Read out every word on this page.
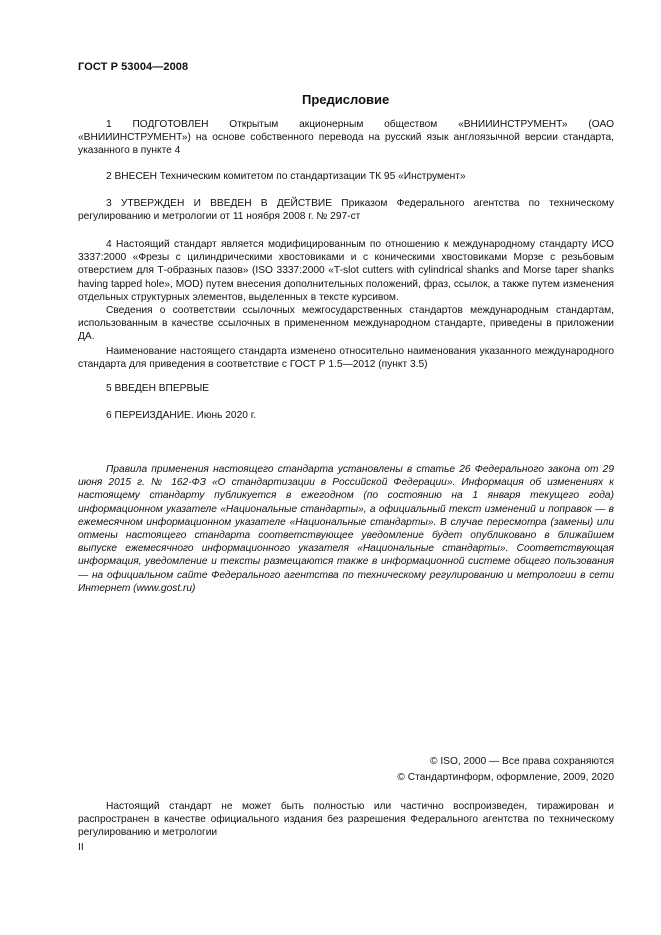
ГОСТ Р 53004—2008
Предисловие

1 ПОДГОТОВЛЕН Открытым акционерным обществом «ВНИИИНСТРУМЕНТ» (ОАО «ВНИИИНСТРУМЕНТ») на основе собственного перевода на русский язык англоязычной версии стандарта, указанного в пункте 4

2 ВНЕСЕН Техническим комитетом по стандартизации ТК 95 «Инструмент»

3 УТВЕРЖДЕН И ВВЕДЕН В ДЕЙСТВИЕ Приказом Федерального агентства по техническому регулированию и метрологии от 11 ноября 2008 г. № 297-ст

4 Настоящий стандарт является модифицированным по отношению к международному стандарту ИСО 3337:2000 «Фрезы с цилиндрическими хвостовиками и с коническими хвостовиками Морзе с резьбовым отверстием для Т-образных пазов» (ISO 3337:2000 «T-slot cutters with cylindrical shanks and Morse taper shanks having tapped hole», MOD) путем внесения дополнительных положений, фраз, ссылок, а также путем изменения отдельных структурных элементов, выделенных в тексте курсивом.

Сведения о соответствии ссылочных межгосударственных стандартов международным стандартам, использованным в качестве ссылочных в примененном международном стандарте, приведены в приложении ДА.

Наименование настоящего стандарта изменено относительно наименования указанного международного стандарта для приведения в соответствие с ГОСТ Р 1.5—2012 (пункт 3.5)

5 ВВЕДЕН ВПЕРВЫЕ

6 ПЕРЕИЗДАНИЕ. Июнь 2020 г.

Правила применения настоящего стандарта установлены в статье 26 Федерального закона от 29 июня 2015 г. № 162-ФЗ «О стандартизации в Российской Федерации». Информация об изменениях к настоящему стандарту публикуется в ежегодном (по состоянию на 1 января текущего года) информационном указателе «Национальные стандарты», а официальный текст изменений и поправок — в ежемесячном информационном указателе «Национальные стандарты». В случае пересмотра (замены) или отмены настоящего стандарта соответствующее уведомление будет опубликовано в ближайшем выпуске ежемесячного информационного указателя «Национальные стандарты». Соответствующая информация, уведомление и тексты размещаются также в информационной системе общего пользования — на официальном сайте Федерального агентства по техническому регулированию и метрологии в сети Интернет (www.gost.ru)

© ISO, 2000 — Все права сохраняются
© Стандартинформ, оформление, 2009, 2020

Настоящий стандарт не может быть полностью или частично воспроизведен, тиражирован и распространен в качестве официального издания без разрешения Федерального агентства по техническому регулированию и метрологии

II
